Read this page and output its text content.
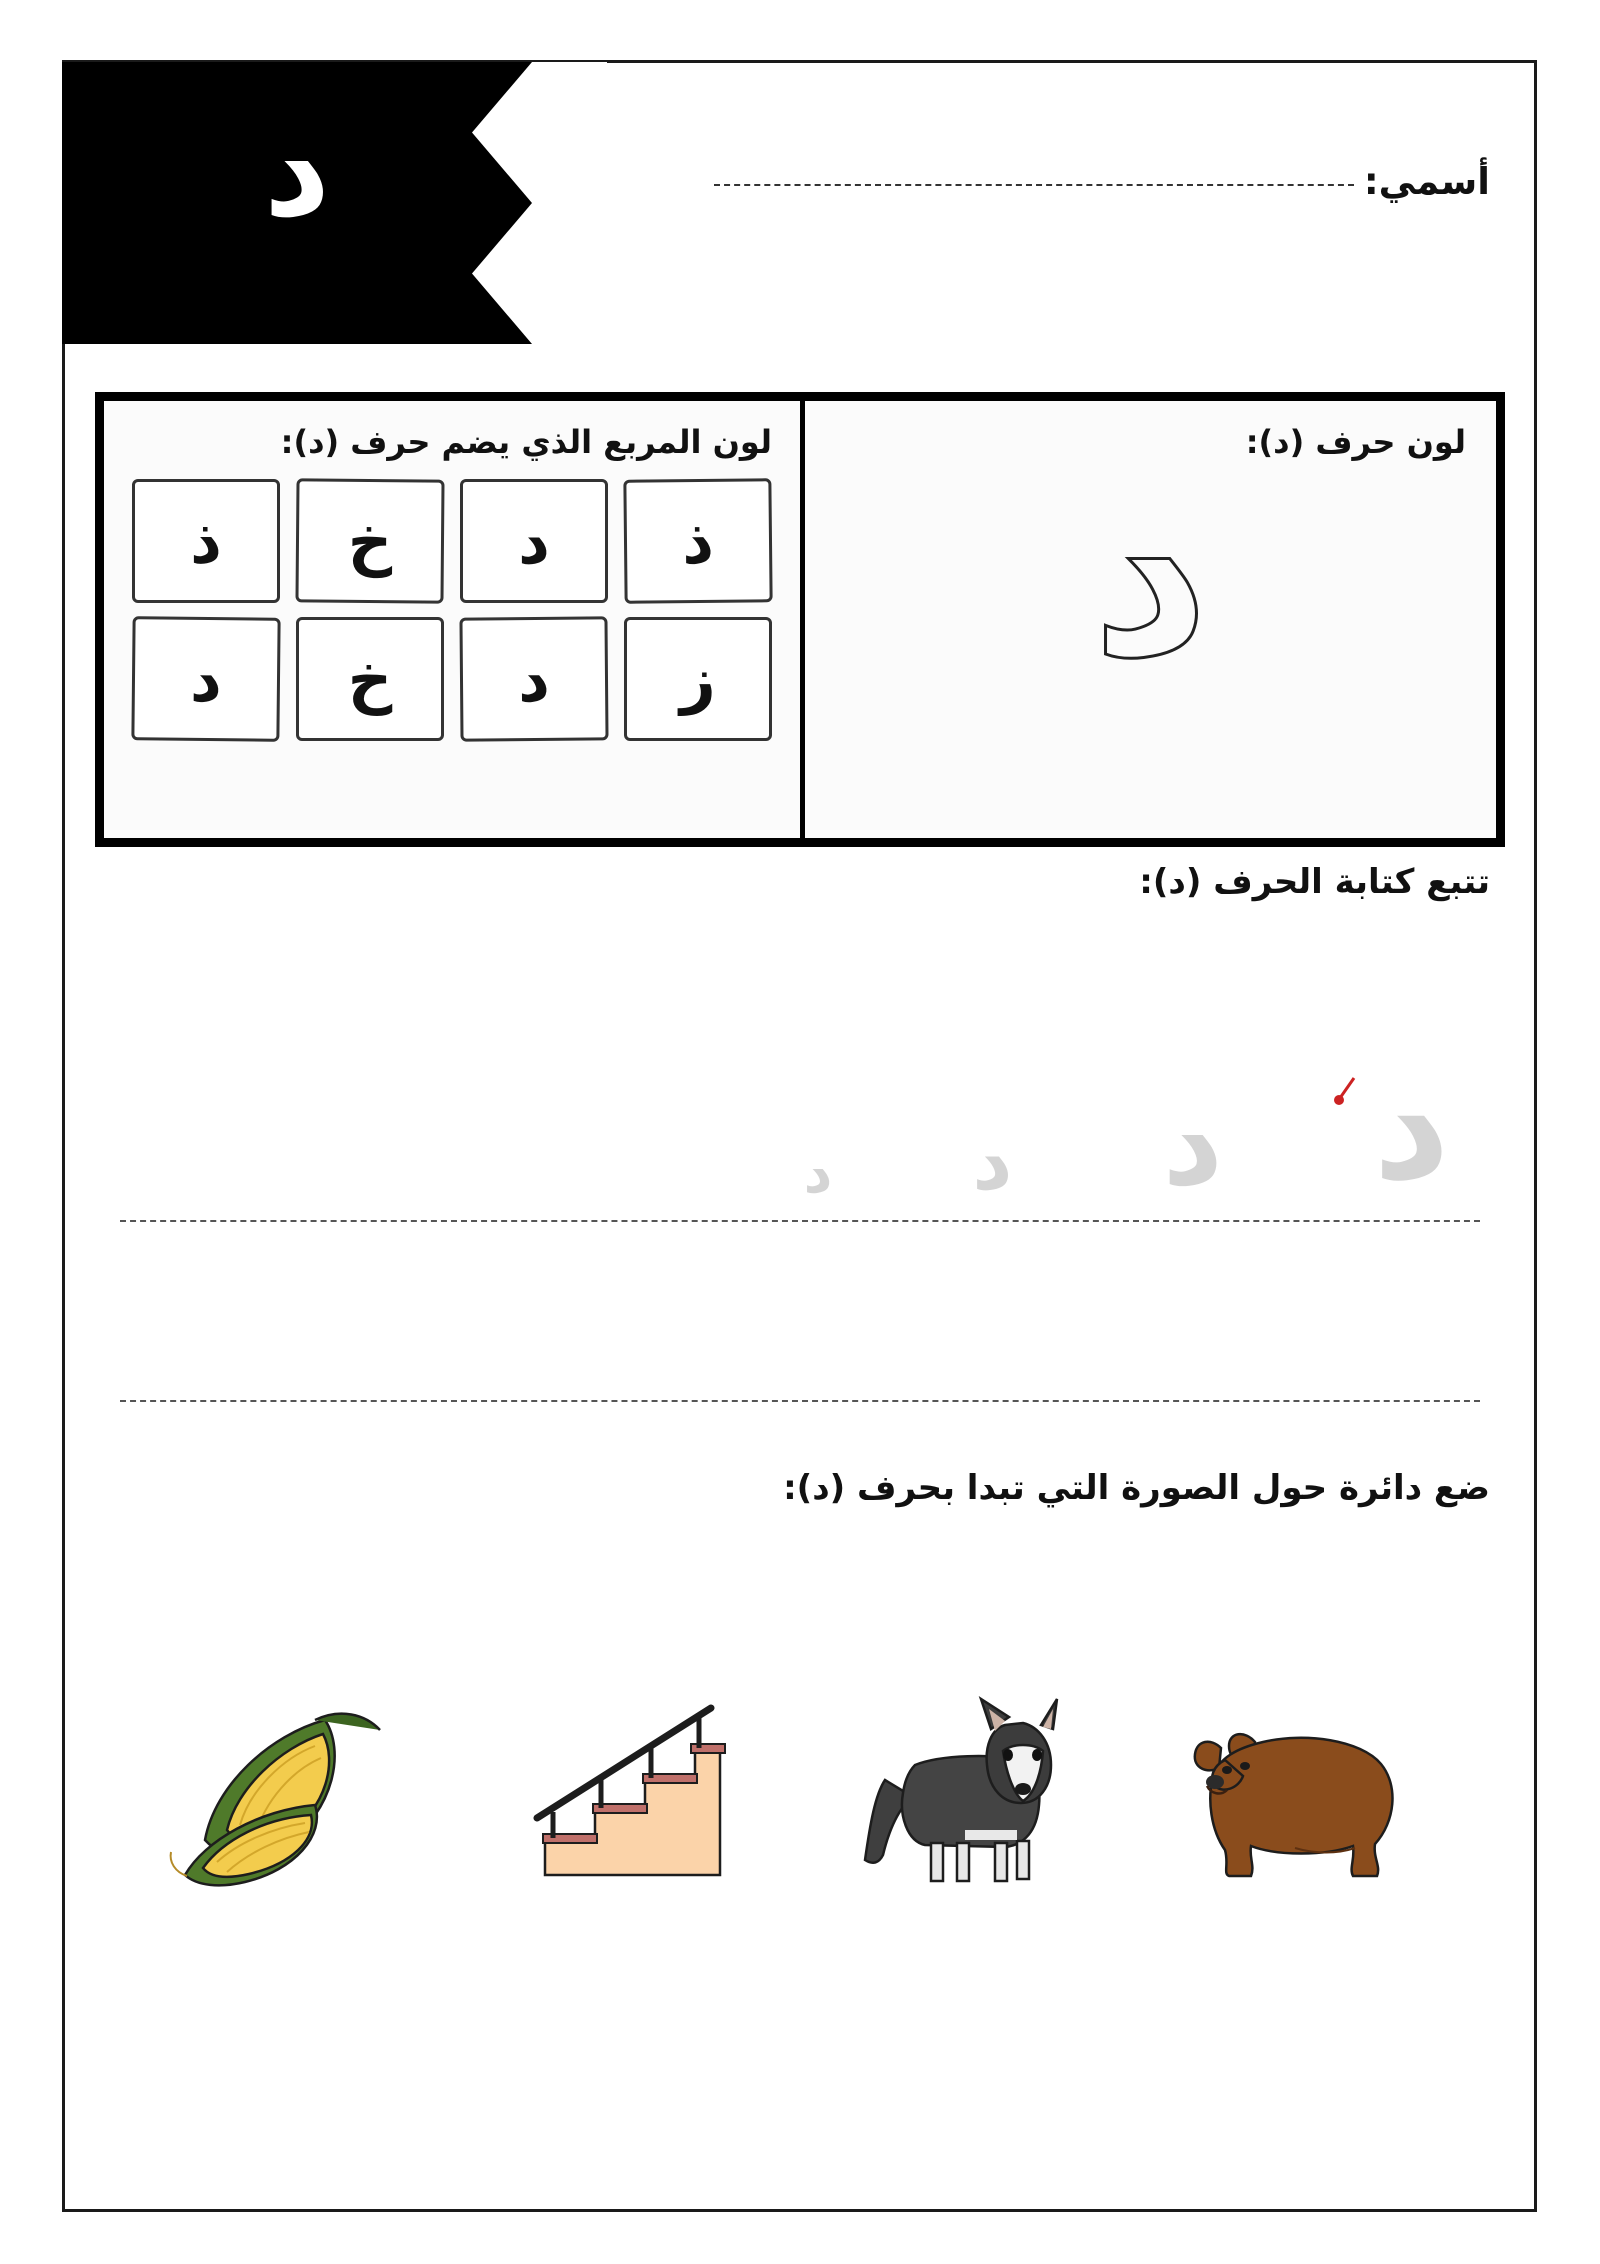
د	أسمي:
لون حرف (د):
د
لون المربع الذي يضم حرف (د):
ذ
د
خ
ذ
ز
د
خ
د
تتبع كتابة الحرف (د):
د
د
د
د
ضع دائرة حول الصورة التي تبدا بحرف (د):
